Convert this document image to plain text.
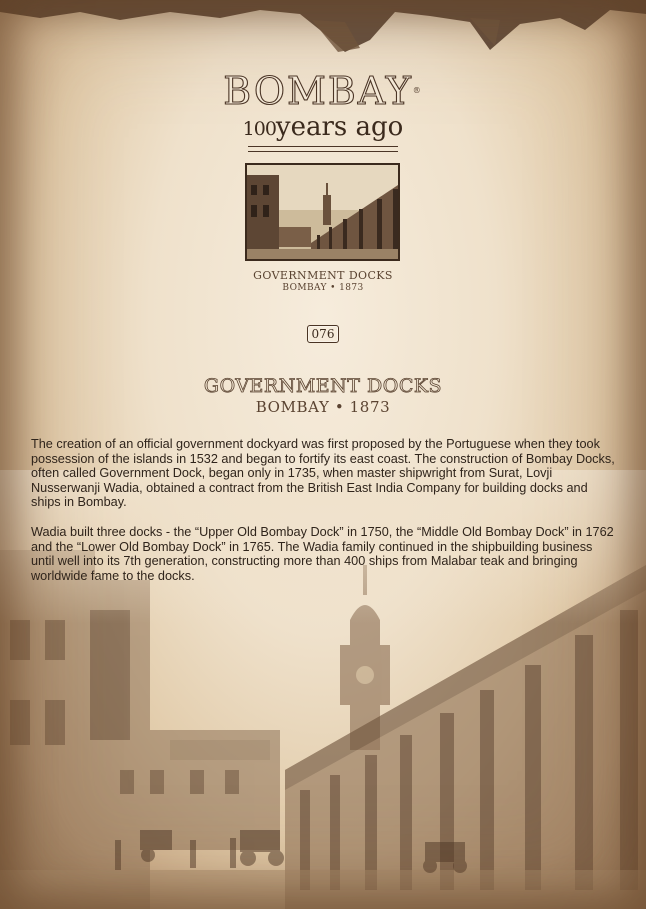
BOMBAY®
100years ago
GOVERNMENT DOCKS
BOMBAY • 1873
076
GOVERNMENT DOCKS
BOMBAY • 1873

The creation of an official government dockyard was first proposed by the Portuguese when they took possession of the islands in 1532 and began to fortify its east coast. The construction of Bombay Docks, often called Government Dock, began only in 1735, when master shipwright from Surat, Lovji Nusserwanji Wadia, obtained a contract from the British East India Company for building docks and ships in Bombay.

Wadia built three docks - the “Upper Old Bombay Dock” in 1750, the “Middle Old Bombay Dock” in 1762 and the “Lower Old Bombay Dock” in 1765. The Wadia family continued in the shipbuilding business until well into its 7th generation, constructing more than 400 ships from Malabar teak and bringing worldwide fame to the docks.
